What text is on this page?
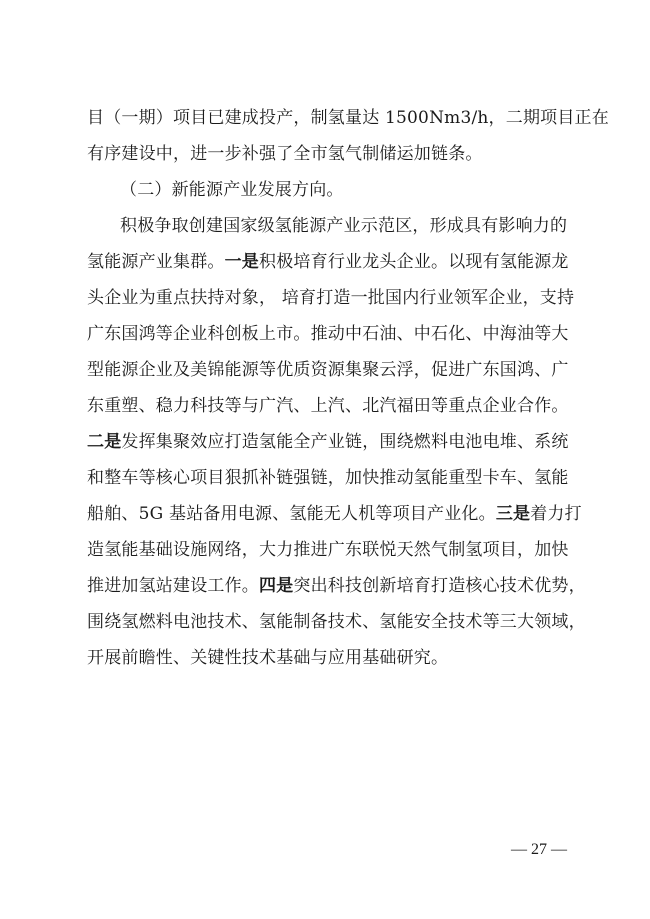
目（一期）项目已建成投产，制氢量达 1500Nm3/h，二期项目正在
有序建设中，进一步补强了全市氢气制储运加链条。
（二）新能源产业发展方向。
积极争取创建国家级氢能源产业示范区，形成具有影响力的
氢能源产业集群。一是积极培育行业龙头企业。以现有氢能源龙
头企业为重点扶持对象， 培育打造一批国内行业领军企业，支持
广东国鸿等企业科创板上市。推动中石油、中石化、中海油等大
型能源企业及美锦能源等优质资源集聚云浮，促进广东国鸿、广
东重塑、稳力科技等与广汽、上汽、北汽福田等重点企业合作。
二是发挥集聚效应打造氢能全产业链，围绕燃料电池电堆、系统
和整车等核心项目狠抓补链强链，加快推动氢能重型卡车、氢能
船舶、5G 基站备用电源、氢能无人机等项目产业化。三是着力打
造氢能基础设施网络，大力推进广东联悦天然气制氢项目，加快
推进加氢站建设工作。四是突出科技创新培育打造核心技术优势，
围绕氢燃料电池技术、氢能制备技术、氢能安全技术等三大领域，
开展前瞻性、关键性技术基础与应用基础研究。
— 27 —
